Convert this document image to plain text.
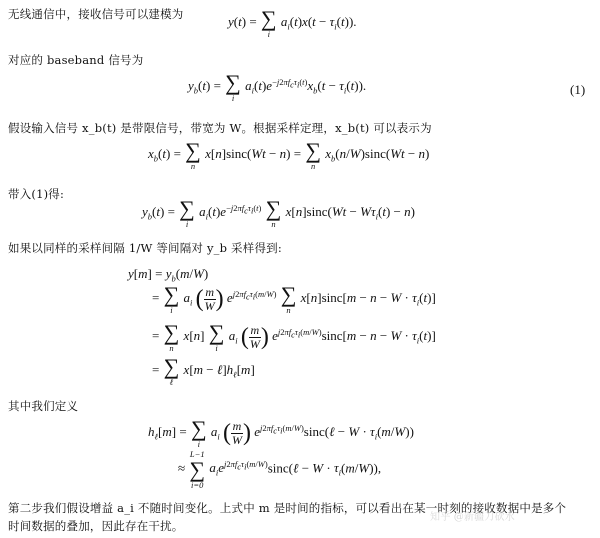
无线通信中，接收信号可以建模为
y(t) = ∑
i
$a_i(t)x(t - \tau_i(t))$.
对应的 baseband 信号为
$y_b(t)$ = ∑
i
$a_i(t)e^{-j2\pi f_c\tau_i(t)}x_b(t - \tau_i(t))$.	(1)
假设输入信号 x_b(t) 是带限信号，带宽为 W。根据采样定理，x_b(t) 可以表示为
$x_b(t)$ = ∑
n
x[n]sinc(Wt − n) = ∑
n
$x_b(n/W)\sin c(Wt - n)$
带入(1)得:
$y_b(t)$ = ∑
i
$a_i(t)e^{-j2\pi f_c\tau_i(t)}$ ∑
n
$x[n]\sin c(Wt - W\tau_i(t) - n)$
如果以同样的采样间隔 1/W 等间隔对 y_b 采样得到:
$y[m] = y_b(m/W)$
= ∑
i
$a_i$ ( $\frac{m}{W}$ ) $e^{j2\pi f_c\tau_i(m/W)}$ ∑
n
$x[n]\sin c[m - n - W \cdot \tau_i(t)]$
= ∑
n
x[n] ∑
i
$a_i$ ( $\frac{m}{W}$ ) $e^{j2\pi f_c\tau_i(m/W)}\sin c[m - n - W \cdot \tau_i(t)]$
= ∑
ℓ
$x[m - \ell]h_\ell[m]$
其中我们定义
$h_\ell[m]$ = ∑
i
$a_i$ ( $\frac{m}{W}$ ) $e^{j2\pi f_c\tau_i(m/W)}\sin c(\ell - W \cdot \tau_i(m/W))$
≈
L−1
∑
i=0
$a_ie^{j2\pi f_c\tau_i(m/W)}\sin c(\ell - W \cdot \tau_i(m/W))$,
第二步我们假设增益 a_i 不随时间变化。上式中 m 是时间的指标，可以看出在某一时刻的接收数据中是多个
时间数据的叠加，因此存在干扰。
知乎 @新疆刀砍水
